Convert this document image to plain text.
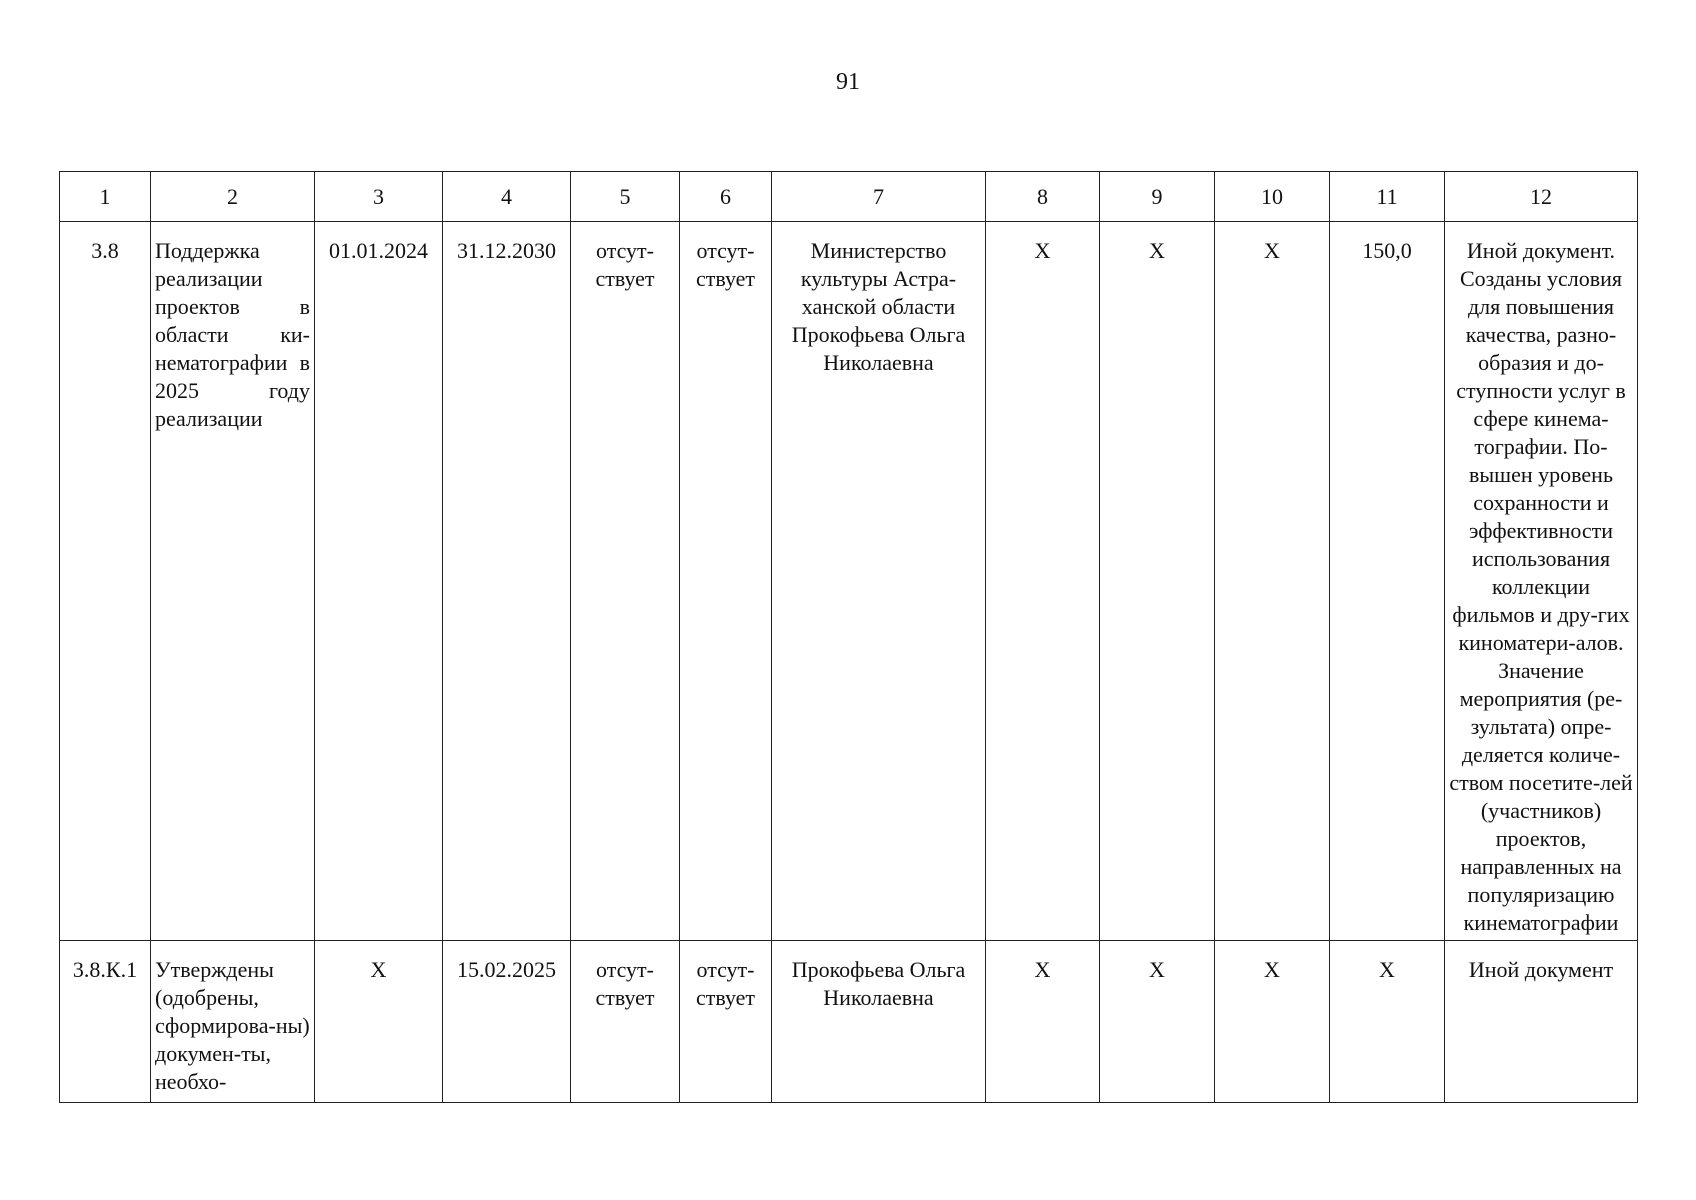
91
1	2	3	4	5	6	7	8	9	10	11	12
3.8	Поддержка реализации проектов в области ки-нематографии в 2025 году реализации	01.01.2024	31.12.2030	отсут-ствует	отсут-ствует	Министерство культуры Астра-ханской области Прокофьева Ольга Николаевна	Х	Х	Х	150,0	Иной документ. Созданы условия для повышения качества, разно-образия и до-ступности услуг в сфере кинема-тографии. По-вышен уровень сохранности и эффективности использования коллекции фильмов и дру-гих киноматери-алов. Значение мероприятия (ре-зультата) опре-деляется количе-ством посетите-лей (участников) проектов, направленных на популяризацию кинематографии
3.8.К.1	Утверждены (одобрены, сформирова-ны) докумен-ты, необхо-	Х	15.02.2025	отсут-ствует	отсут-ствует	Прокофьева Ольга Николаевна	Х	Х	Х	Х	Иной документ
